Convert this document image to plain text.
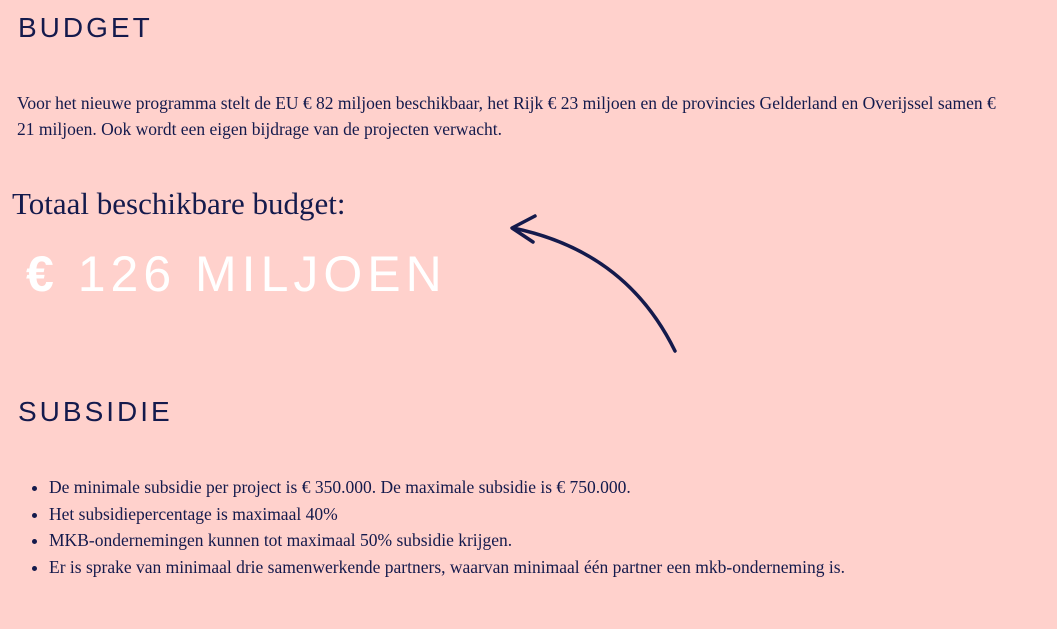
BUDGET

Voor het nieuwe programma stelt de EU € 82 miljoen beschikbaar, het Rijk € 23 miljoen en de provincies Gelderland en Overijssel samen € 21 miljoen. Ook wordt een eigen bijdrage van de projecten verwacht.

Totaal beschikbare budget:
€ 126 MILJOEN
SUBSIDIE
• De minimale subsidie per project is € 350.000. De maximale subsidie is € 750.000.
• Het subsidiepercentage is maximaal 40%
• MKB-ondernemingen kunnen tot maximaal 50% subsidie krijgen.
• Er is sprake van minimaal drie samenwerkende partners, waarvan minimaal één partner een mkb-onderneming is.
